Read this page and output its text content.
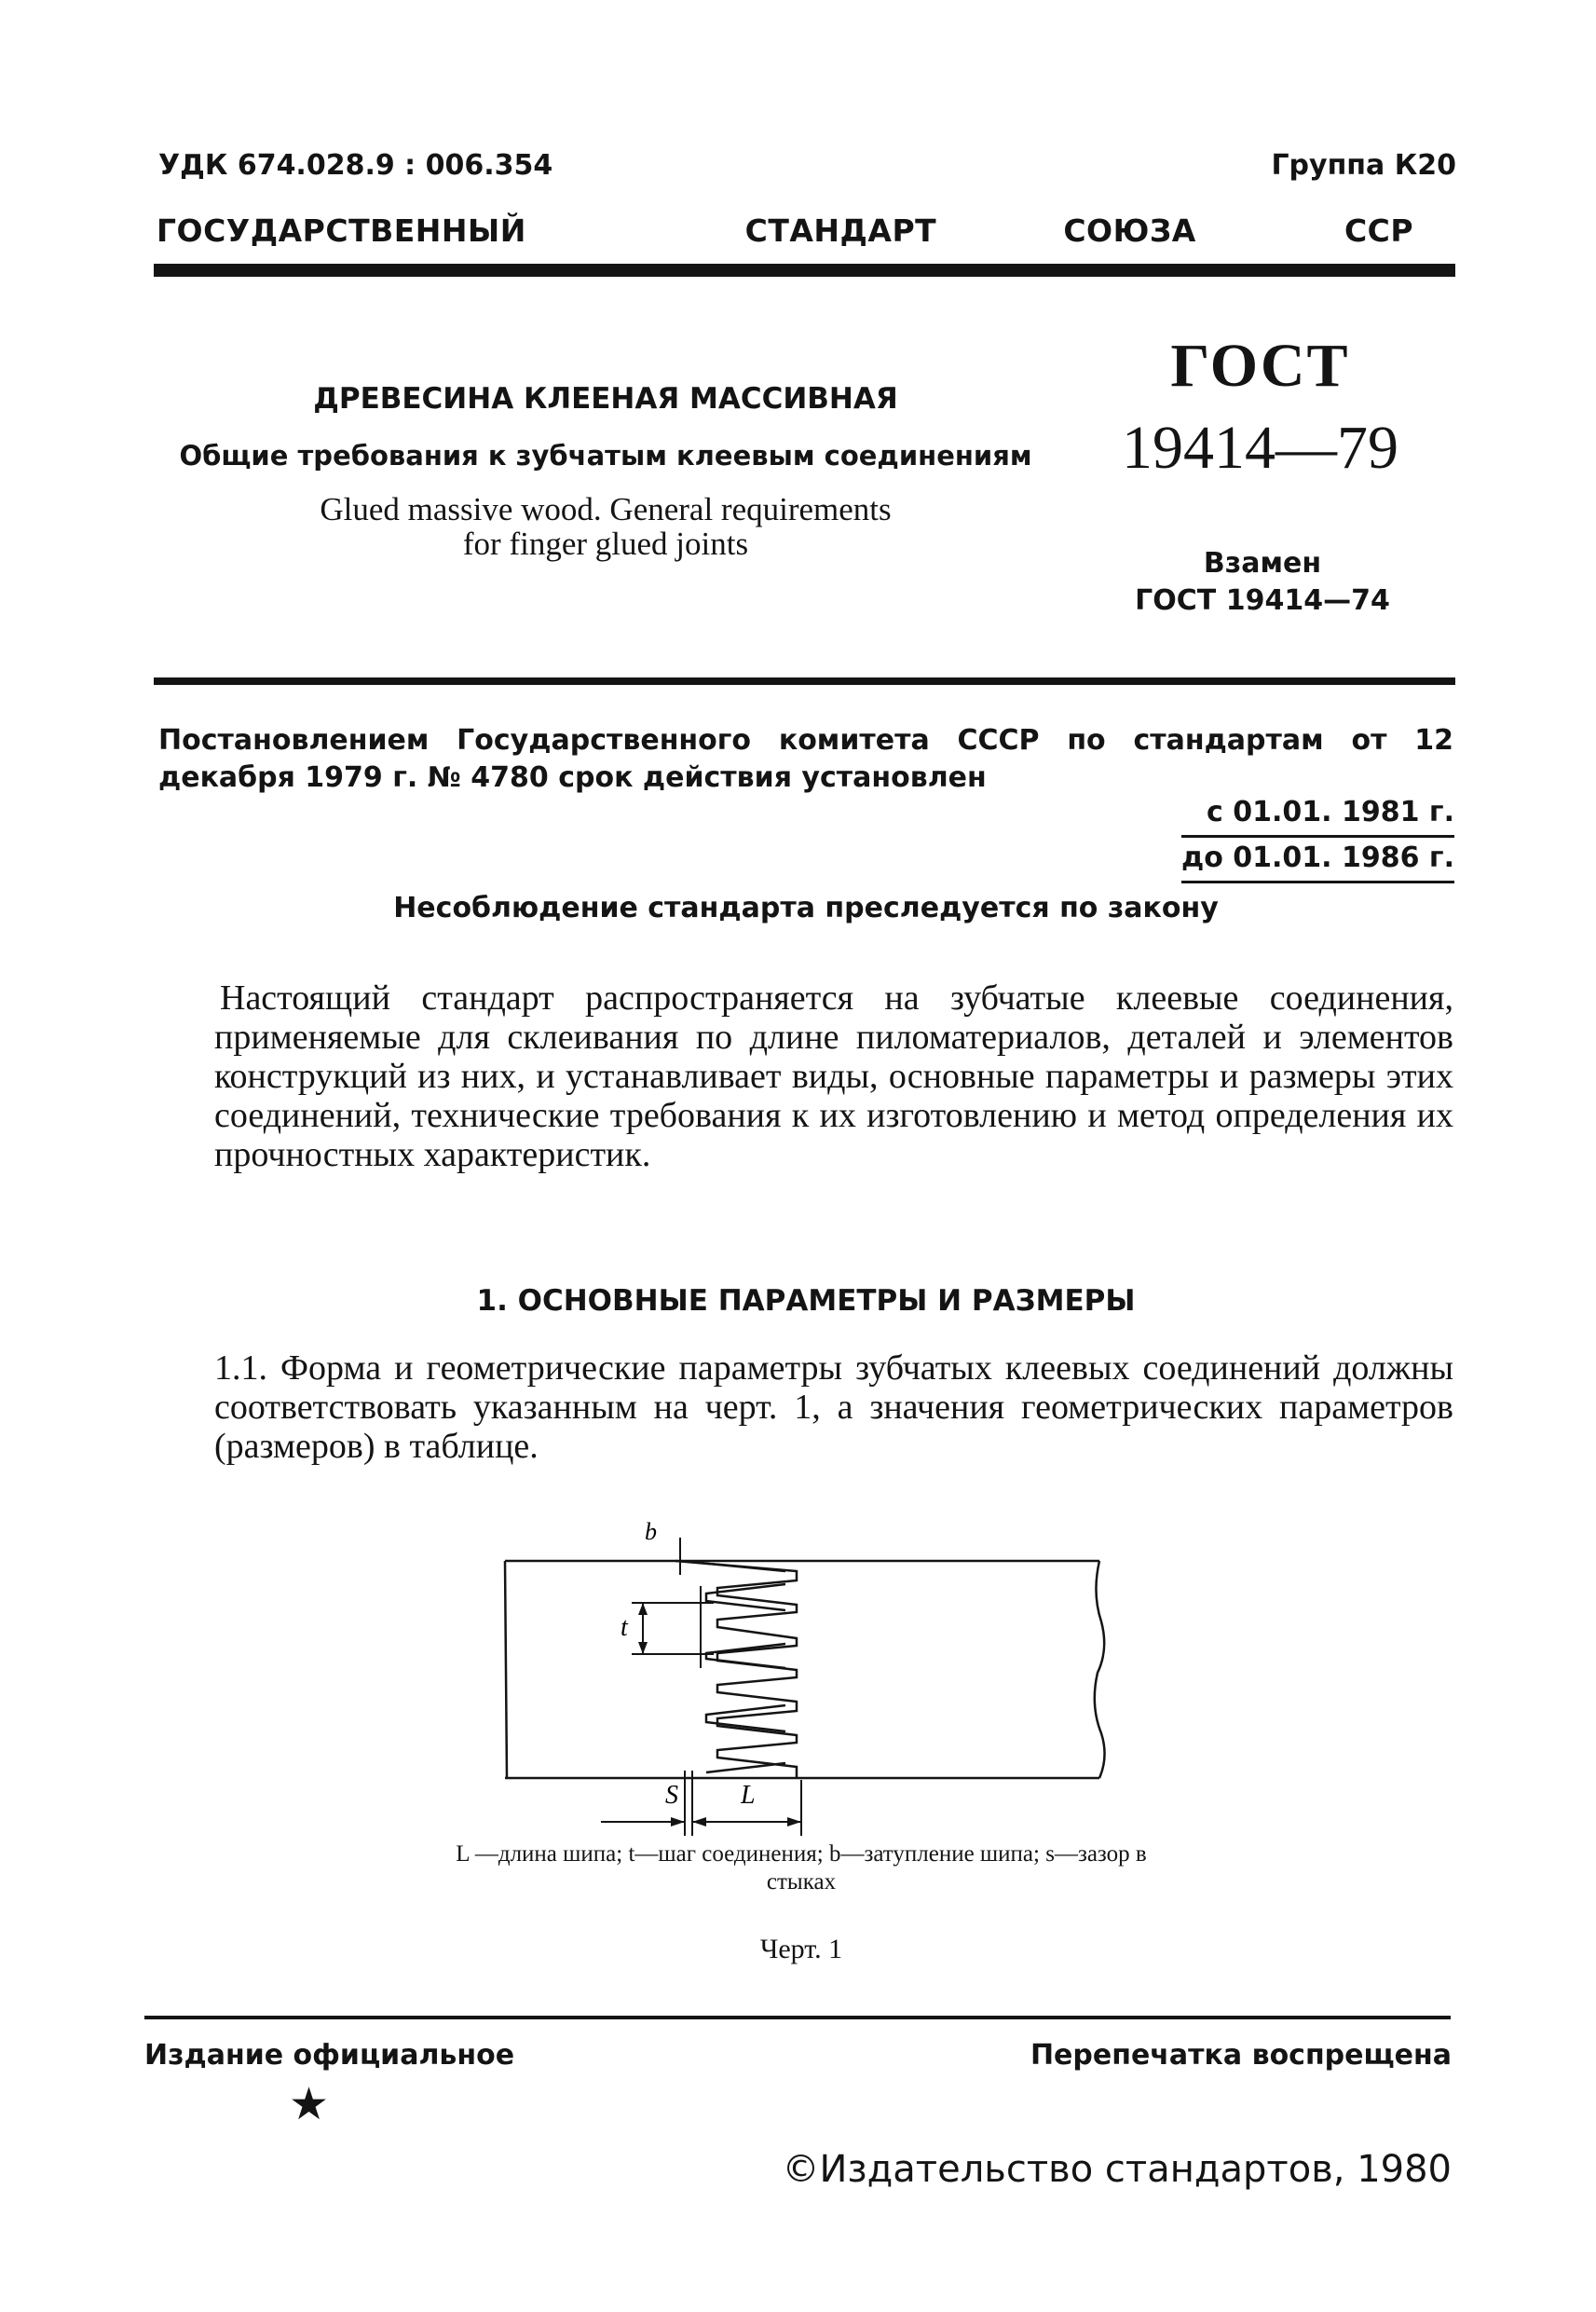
УДК 674.028.9 : 006.354	Группа К20
ГОСУДАРСТВЕННЫЙ	СТАНДАРТ	СОЮЗА	ССР
ДРЕВЕСИНА КЛЕЕНАЯ МАССИВНАЯ
Общие требования к зубчатым клеевым соединениям
Glued massive wood. General requirements
for finger glued joints
ГОСТ
19414—79
Взамен
ГОСТ 19414—74
Постановлением Государственного комитета СССР по стандартам от 12 декабря 1979 г. № 4780 срок действия установлен
с 01.01. 1981 г.
до 01.01. 1986 г.
Несоблюдение стандарта преследуется по закону

Настоящий стандарт распространяется на зубчатые клеевые соединения, применяемые для склеивания по длине пиломатериалов, деталей и элементов конструкций из них, и устанавливает виды, основные параметры и размеры этих соединений, технические требования к их изготовлению и метод определения их прочностных характеристик.

1. ОСНОВНЫЕ ПАРАМЕТРЫ И РАЗМЕРЫ
1.1. Форма и геометрические параметры зубчатых клеевых соединений должны соответствовать указанным на черт. 1, а значения геометрических параметров (размеров) в таблице.
b
t
S L
L —длина шипа; t—шаг соединения; b—затупление шипа; s—зазор в стыках
Черт. 1
Издание официальное
★
Перепечатка воспрещена
©Издательство стандартов, 1980
